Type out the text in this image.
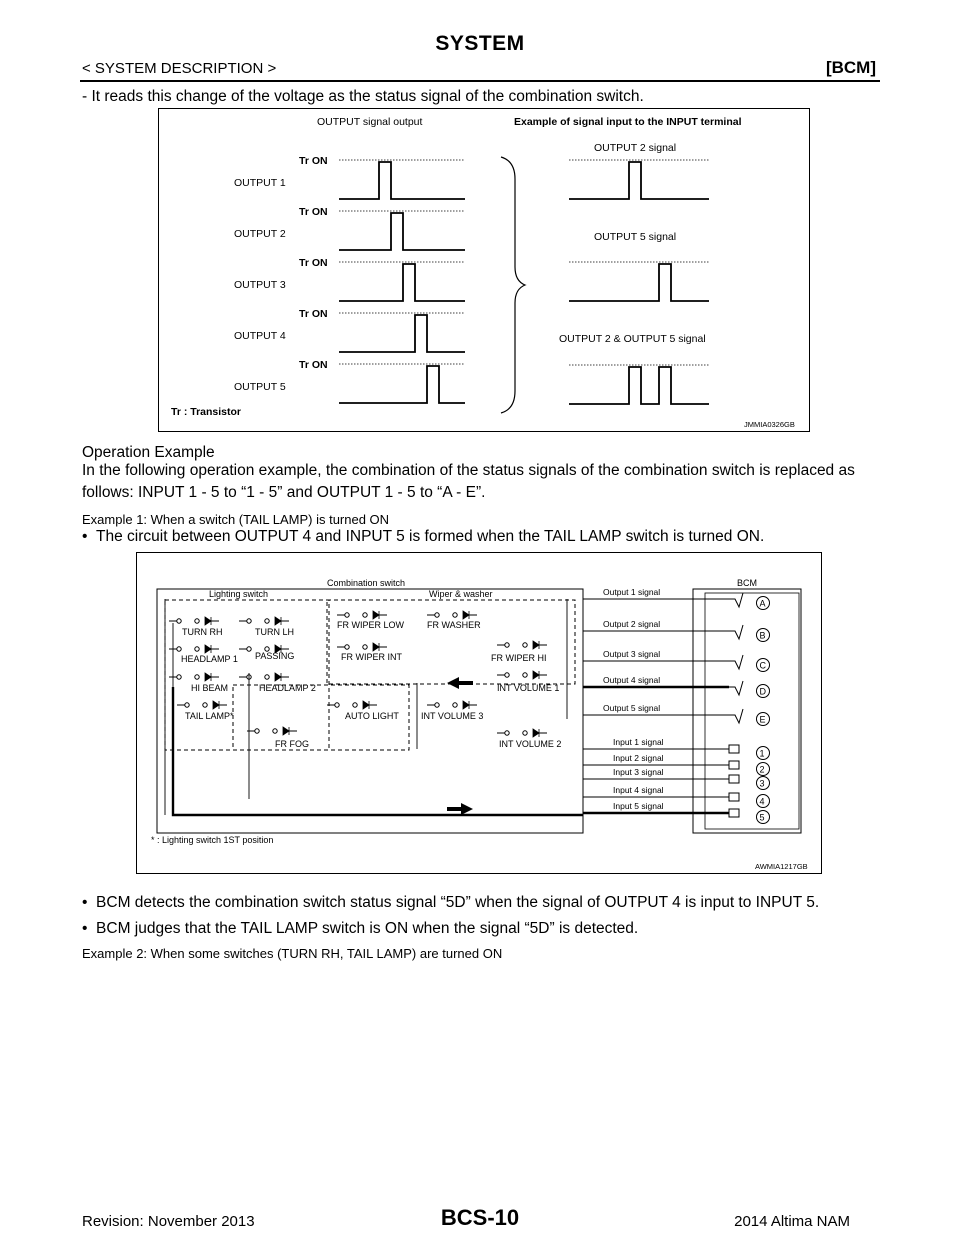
SYSTEM
< SYSTEM DESCRIPTION >	[BCM]
- It reads this change of the voltage as the status signal of the combination switch.
OUTPUT signal output	Example of signal input to the INPUT terminal
Tr ON
OUTPUT 1
Tr ON
OUTPUT 2
Tr ON
OUTPUT 3
Tr ON
OUTPUT 4
Tr ON
OUTPUT 5
OUTPUT 2 signal
OUTPUT 5 signal
OUTPUT 2 & OUTPUT 5 signal
Tr : Transistor
JMMIA0326GB
Operation Example
In the following operation example, the combination of the status signals of the combination switch is replaced as follows: INPUT 1 - 5 to “1 - 5” and OUTPUT 1 - 5 to “A - E”.
Example 1: When a switch (TAIL LAMP) is turned ON
•  The circuit between OUTPUT 4 and INPUT 5 is formed when the TAIL LAMP switch is turned ON.
Lighting switch
Combination switch
Wiper & washer
BCM
TURN RH	TURN LH
HEADLAMP 1 PASSING
HI BEAM	HEADLAMP 2
TAIL LAMP*
FR FOG
AUTO LIGHT
FR WIPER LOW	FR WASHER
FR WIPER INT	FR WIPER HI
INT VOLUME 1
INT VOLUME 3
INT VOLUME 2
Output 1 signal
A
Output 2 signal
B
Output 3 signal
C
Output 4 signal
D
Output 5 signal
E
Input 1 signal
1
Input 2 signal
2
Input 3 signal
3
Input 4 signal
4
Input 5 signal
5
* : Lighting switch 1ST position
AWMIA1217GB
•  BCM detects the combination switch status signal “5D” when the signal of OUTPUT 4 is input to INPUT 5.
•  BCM judges that the TAIL LAMP switch is ON when the signal “5D” is detected.
Example 2: When some switches (TURN RH, TAIL LAMP) are turned ON
Revision: November 2013	BCS-10	2014 Altima NAM
